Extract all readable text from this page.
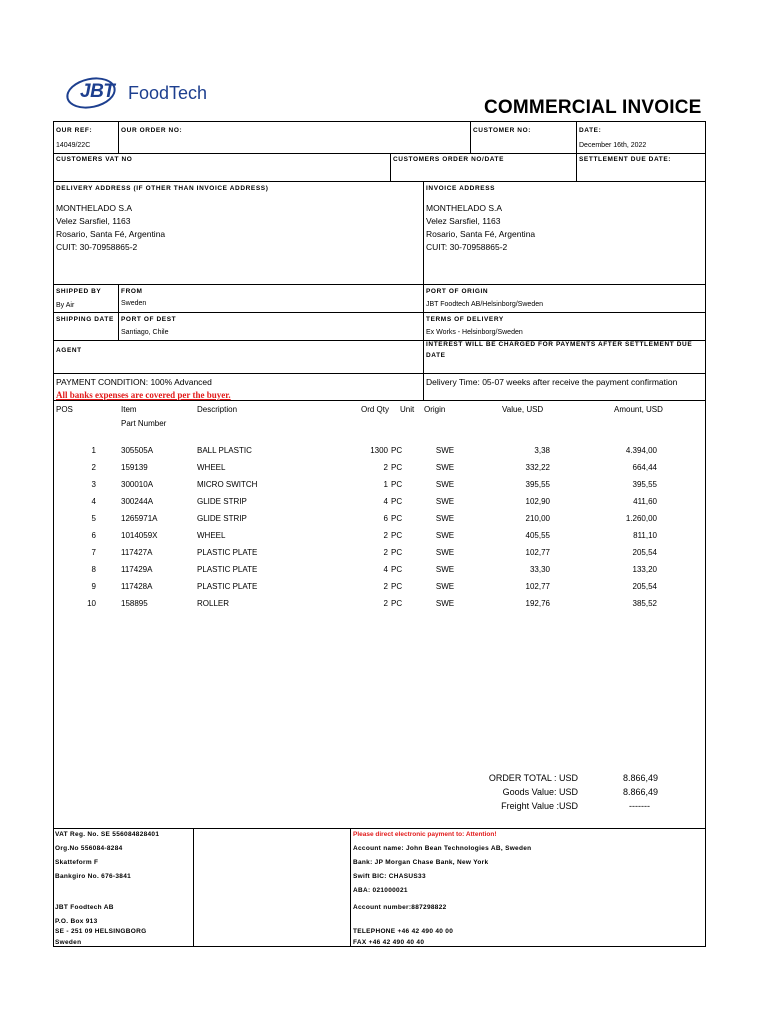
JBT FoodTech
COMMERCIAL INVOICE
OUR REF:
14049/22C
OUR ORDER NO:	CUSTOMER NO:	DATE:
December 16th, 2022
CUSTOMERS VAT NO	CUSTOMERS ORDER NO/DATE	SETTLEMENT DUE DATE:
DELIVERY ADDRESS (IF OTHER THAN INVOICE ADDRESS)
MONTHELADO S.A
Velez Sarsfiel, 1163
Rosario, Santa Fé, Argentina
CUIT: 30-70958865-2
INVOICE ADDRESS
MONTHELADO S.A
Velez Sarsfiel, 1163
Rosario, Santa Fé, Argentina
CUIT: 30-70958865-2
SHIPPED BY
By Air
FROM
Sweden
PORT OF ORIGIN
JBT Foodtech AB/Helsinborg/Sweden
SHIPPING DATE PORT OF DEST
Santiago, Chile
TERMS OF DELIVERY
Ex Works - Helsinborg/Sweden
AGENT
INTEREST WILL BE CHARGED FOR PAYMENTS AFTER SETTLEMENT DUE
DATE
PAYMENT CONDITION: 100% Advanced	Delivery Time: 05-07 weeks after receive the payment confirmation
All banks expenses are covered per the buyer.
POS	Item
Part Number
Description	Ord Qty Unit Origin	Value, USD	Amount, USD
1	305505A	BALL PLASTIC	1300 PC	SWE	3,38	4.394,00
2	159139	WHEEL	2 PC	SWE	332,22	664,44
3	300010A	MICRO SWITCH	1 PC	SWE	395,55	395,55
4	300244A	GLIDE STRIP	4 PC	SWE	102,90	411,60
5	1265971A	GLIDE STRIP	6 PC	SWE	210,00	1.260,00
6	1014059X	WHEEL	2 PC	SWE	405,55	811,10
7	117427A	PLASTIC PLATE	2 PC	SWE	102,77	205,54
8	117429A	PLASTIC PLATE	4 PC	SWE	33,30	133,20
9	117428A	PLASTIC PLATE	2 PC	SWE	102,77	205,54
10	158895	ROLLER	2 PC	SWE	192,76	385,52
ORDER TOTAL : USD	8.866,49
Goods Value: USD	8.866,49
Freight Value :USD	-------
VAT Reg. No. SE 556084828401
Org.No 556084-8284
Skatteform F
Bankgiro No. 676-3841
JBT Foodtech AB
P.O. Box 913
SE - 251 09 HELSINGBORG
Sweden
Please direct electronic payment to: Attention!
Account name: John Bean Technologies AB, Sweden
Bank: JP Morgan Chase Bank, New York
Swift BIC: CHASUS33
ABA: 021000021
Account number:887298822
TELEPHONE +46 42 490 40 00
FAX +46 42 490 40 40
